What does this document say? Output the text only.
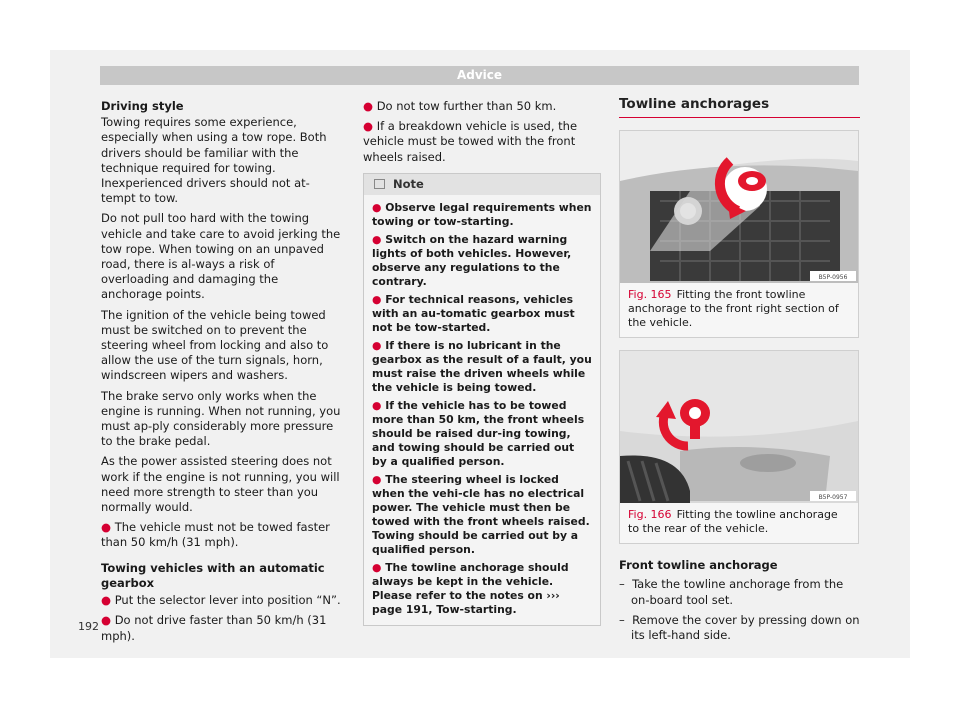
Advice

Driving style

Towing requires some experience, especially when using a tow rope. Both drivers should be familiar with the technique required for towing. Inexperienced drivers should not at-tempt to tow.

Do not pull too hard with the towing vehicle and take care to avoid jerking the tow rope. When towing on an unpaved road, there is al-ways a risk of overloading and damaging the anchorage points.

The ignition of the vehicle being towed must be switched on to prevent the steering wheel from locking and also to allow the use of the turn signals, horn, windscreen wipers and washers.

The brake servo only works when the engine is running. When not running, you must ap-ply considerably more pressure to the brake pedal.

As the power assisted steering does not work if the engine is not running, you will need more strength to steer than you normally would.

● The vehicle must not be towed faster than 50 km/h (31 mph).

Towing vehicles with an automatic gearbox

● Put the selector lever into position “N”.

● Do not drive faster than 50 km/h (31 mph).

● Do not tow further than 50 km.

● If a breakdown vehicle is used, the vehicle must be towed with the front wheels raised.

Note
● Observe legal requirements when towing or tow-starting.
● Switch on the hazard warning lights of both vehicles. However, observe any regulations to the contrary.
● For technical reasons, vehicles with an au-tomatic gearbox must not be tow-started.
● If there is no lubricant in the gearbox as the result of a fault, you must raise the driven wheels while the vehicle is being towed.
● If the vehicle has to be towed more than 50 km, the front wheels should be raised dur-ing towing, and towing should be carried out by a qualified person.
● The steering wheel is locked when the vehi-cle has no electrical power. The vehicle must then be towed with the front wheels raised. Towing should be carried out by a qualified person.
● The towline anchorage should always be kept in the vehicle. Please refer to the notes on ››› page 191, Tow-starting.
Towline anchorages
B5P-0956
Fig. 165 Fitting the front towline anchorage to the front right section of the vehicle.
B5P-0957
Fig. 166 Fitting the towline anchorage to the rear of the vehicle.

Front towline anchorage

– Take the towline anchorage from the on-board tool set.

– Remove the cover by pressing down on its left-hand side.

192
